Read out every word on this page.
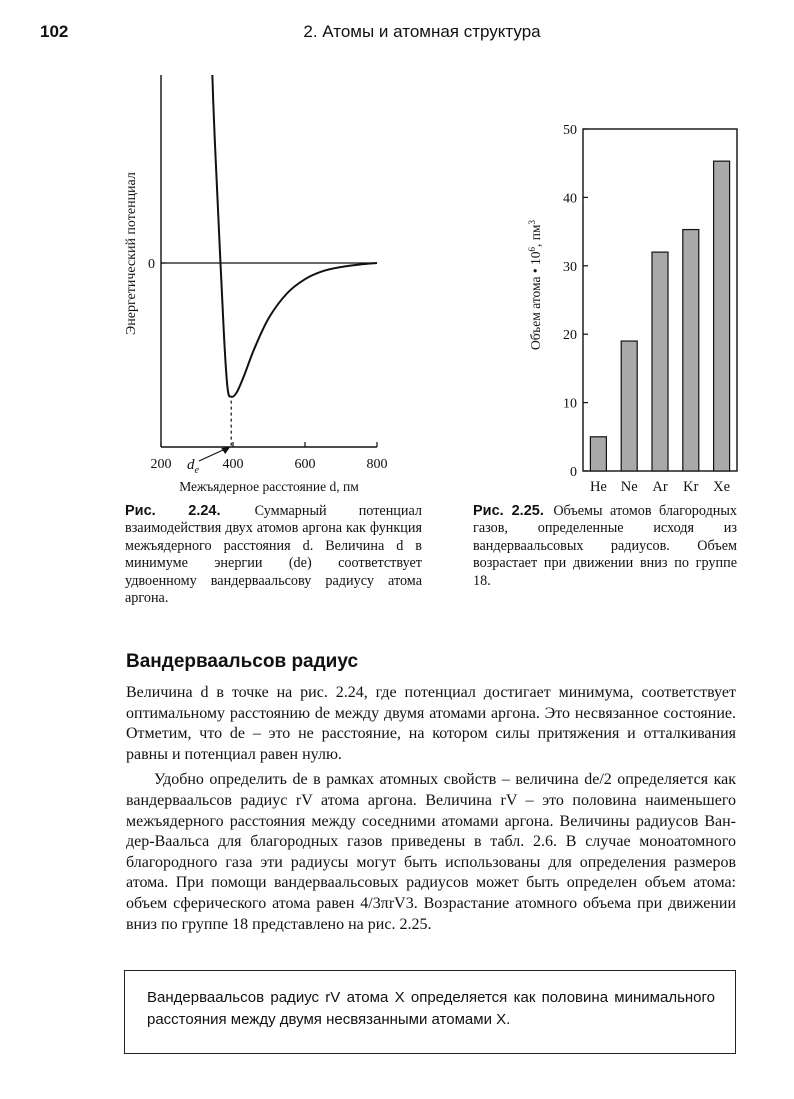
102	2. Атомы и атомная структура
Энергетический потенциал 0
200	400	600	800
$d_e$
Межъядерное расстояние d, пм
Рис. 2.24. Суммарный потенциал взаимодействия двух атомов аргона как функция межъядерного расстояния d. Величина d в минимуме энергии (de) соответствует удвоенному вандерваальсову радиусу атома аргона.
0
10
20
30
40
50
He Ne Ar Kr Xe
Объем атома • $10^6$, $пм^3$
Рис. 2.25. Объемы атомов благородных газов, определенные исходя из вандерваальсовых радиусов. Объем возрастает при движении вниз по группе 18.
Вандерваальсов радиус

Величина d в точке на рис. 2.24, где потенциал достигает минимума, соответствует оптимальному расстоянию de между двумя атомами аргона. Это несвязанное состояние. Отметим, что de – это не расстояние, на котором силы притяжения и отталкивания равны и потенциал равен нулю.

Удобно определить de в рамках атомных свойств – величина de/2 определяется как вандерваальсов радиус rV атома аргона. Величина rV – это половина наименьшего межъядерного расстояния между соседними атомами аргона. Величины радиусов Ван-дер-Ваальса для благородных газов приведены в табл. 2.6. В случае моноатомного благородного газа эти радиусы могут быть использованы для определения размеров атома. При помощи вандерваальсовых радиусов может быть определен объем атома: объем сферического атома равен 4/3πrV3. Возрастание атомного объема при движении вниз по группе 18 представлено на рис. 2.25.

Вандерваальсов радиус rV атома X определяется как половина минимального расстояния между двумя несвязанными атомами X.
